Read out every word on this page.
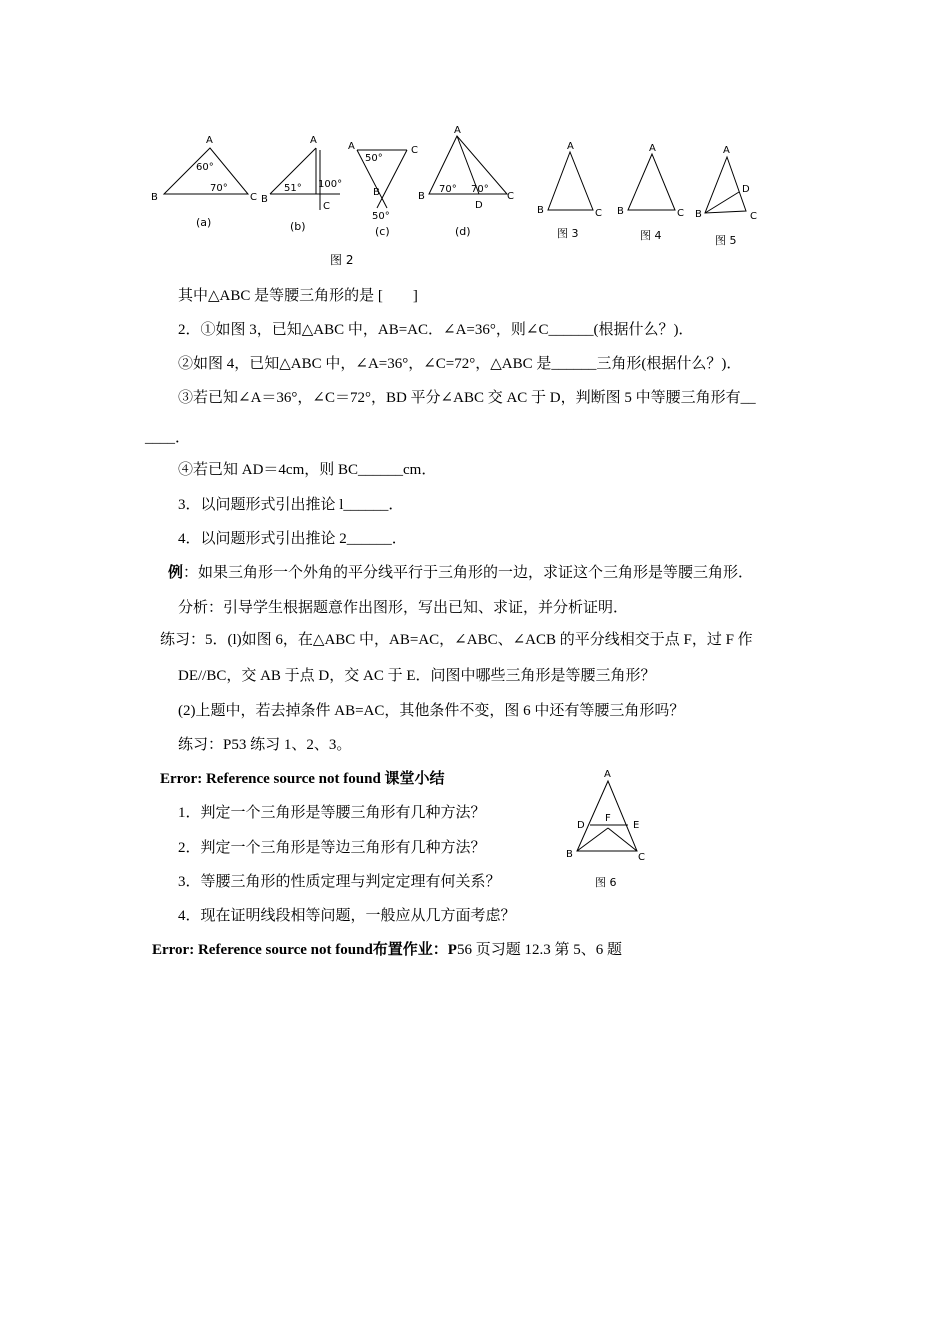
A
B	C
60°
70°
(a)
A
B
C
51° 100°
(b)
A	C
B
50°
50°
(c)
A
B	C
D
70° 70°
(d)
图 2
A
B	C
图 3
A
B	C
图 4
A
B	C
D
图 5
其中△ABC 是等腰三角形的是 [　　]
2．①如图 3，已知△ABC 中，AB=AC．∠A=36°，则∠C______(根据什么？)．
②如图 4，已知△ABC 中，∠A=36°，∠C=72°，△ABC 是______三角形(根据什么？)．
③若已知∠A＝36°，∠C＝72°，BD 平分∠ABC 交 AC 于 D，判断图 5 中等腰三角形有__
____．
④若已知 AD＝4cm，则 BC______cm．
3．以问题形式引出推论 l______．
4．以问题形式引出推论 2______．
例：如果三角形一个外角的平分线平行于三角形的一边，求证这个三角形是等腰三角形．
分析：引导学生根据题意作出图形，写出已知、求证，并分析证明．
练习：5．(l)如图 6，在△ABC 中，AB=AC，∠ABC、∠ACB 的平分线相交于点 F，过 F 作
DE//BC，交 AB 于点 D，交 AC 于 E．问图中哪些三角形是等腰三角形？
(2)上题中，若去掉条件 AB=AC，其他条件不变，图 6 中还有等腰三角形吗？
练习：P53 练习 1、2、3。
Error: Reference source not found 课堂小结
1．判定一个三角形是等腰三角形有几种方法？
2．判定一个三角形是等边三角形有几种方法？
3．等腰三角形的性质定理与判定定理有何关系？
4．现在证明线段相等问题，一般应从几方面考虑？
Error: Reference source not found布置作业：P56 页习题 12.3 第 5、6 题
A
B	C
D	E
F
图 6
